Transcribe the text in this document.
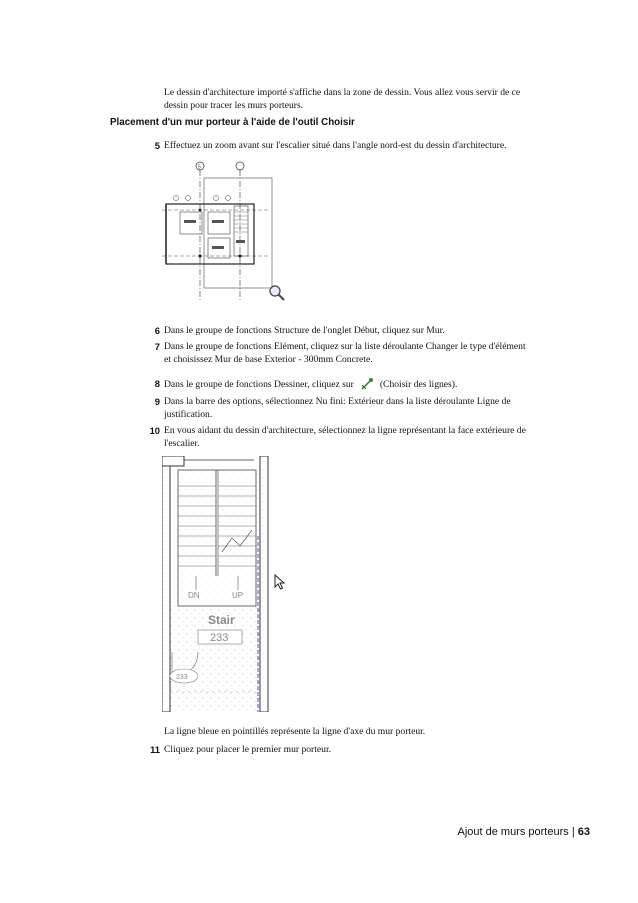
Le dessin d'architecture importé s'affiche dans la zone de dessin. Vous allez vous servir de ce
dessin pour tracer les murs porteurs.
Placement d'un mur porteur à l'aide de l'outil Choisir
5 Effectuez un zoom avant sur l'escalier situé dans l'angle nord-est du dessin d'architecture.
5
6 Dans le groupe de fonctions Structure de l'onglet Début, cliquez sur Mur.
7 Dans le groupe de fonctions Elément, cliquez sur la liste déroulante Changer le type d'élément
et choisissez Mur de base Exterior - 300mm Concrete.
8 Dans le groupe de fonctions Dessiner, cliquez sur	(Choisir des lignes).
9 Dans la barre des options, sélectionnez Nu fini: Extérieur dans la liste déroulante Ligne de
justification.
10 En vous aidant du dessin d'architecture, sélectionnez la ligne représentant la face extérieure de
l'escalier.
DN	UP
Stair
233
233
La ligne bleue en pointillés représente la ligne d'axe du mur porteur.
11 Cliquez pour placer le premier mur porteur.
Ajout de murs porteurs | 63
